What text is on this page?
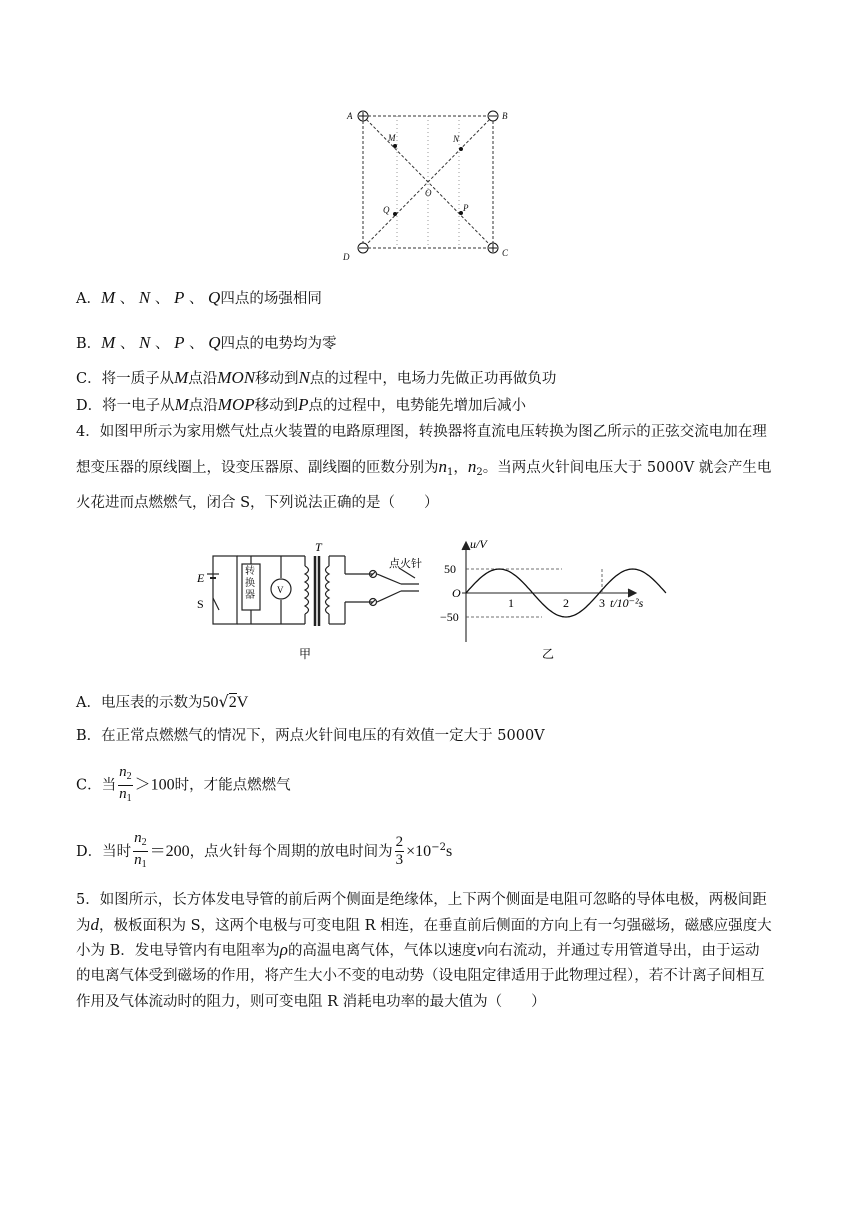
A	B
C
D
M	N
P
Q
O
A．M 、 N 、 P 、 Q四点的场强相同
B．M 、 N 、 P 、 Q四点的电势均为零
C．将一质子从M点沿MON移动到N点的过程中，电场力先做正功再做负功
D．将一电子从M点沿MOP移动到P点的过程中，电势能先增加后减小
4．如图甲所示为家用燃气灶点火装置的电路原理图，转换器将直流电压转换为图乙所示的正弦交流电加在理
想变压器的原线圈上，设变压器原、副线圈的匝数分别为$n_1$，$n_2$。当两点火针间电压大于 5000V 就会产生电
火花进而点燃燃气，闭合 S，下列说法正确的是（　　）
E
S
V
T
点火针
甲
转换器
u/V
50
−50
O
1	2	3 t/10⁻²s
乙
A．电压表的示数为50√2V
B．在正常点燃燃气的情况下，两点火针间电压的有效值一定大于 5000V
C．当 $\frac{n_2}{n_1} >100$时，才能点燃燃气
D．当时 $\frac{n_2}{n_1} =200$，点火针每个周期的放电时间为 $\frac{2}{3} \times 10^{-2}s$
5．如图所示，长方体发电导管的前后两个侧面是绝缘体，上下两个侧面是电阻可忽略的导体电极，两极间距
为d，极板面积为 S，这两个电极与可变电阻 R 相连，在垂直前后侧面的方向上有一匀强磁场，磁感应强度大
小为 B．发电导管内有电阻率为ρ的高温电离气体，气体以速度v向右流动，并通过专用管道导出，由于运动
的电离气体受到磁场的作用，将产生大小不变的电动势（设电阻定律适用于此物理过程），若不计离子间相互
作用及气体流动时的阻力，则可变电阻 R 消耗电功率的最大值为（　　）
